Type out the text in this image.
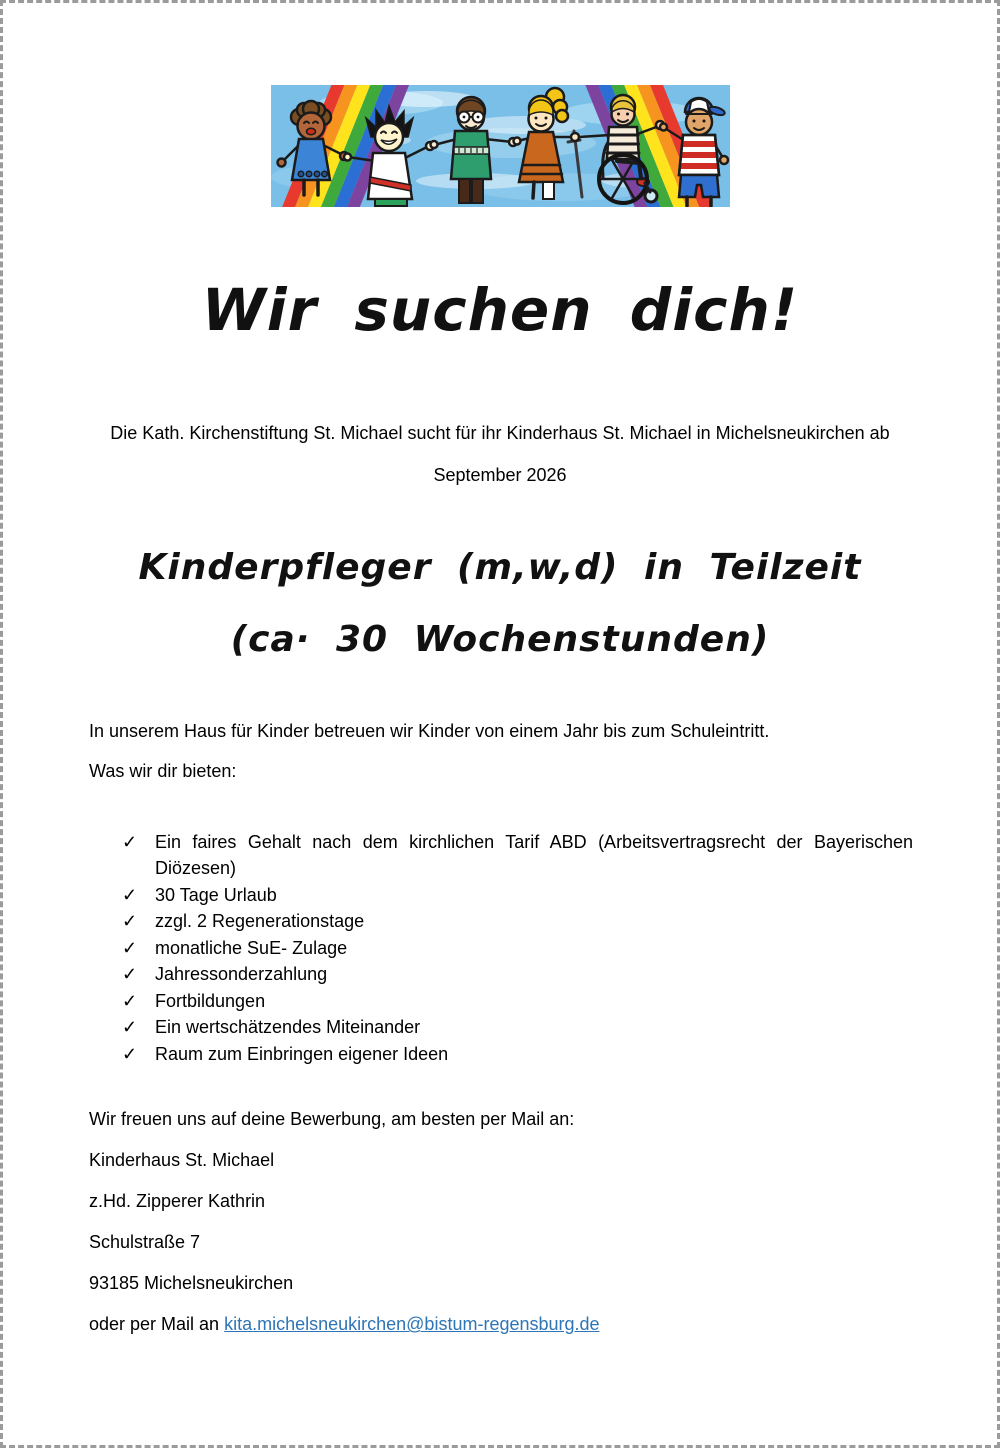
Wir suchen dich!

Die Kath. Kirchenstiftung St. Michael sucht für ihr Kinderhaus St. Michael in Michelsneukirchen ab

September 2026

Kinderpfleger (m,w,d) in Teilzeit

(ca· 30 Wochenstunden)

In unserem Haus für Kinder betreuen wir Kinder von einem Jahr bis zum Schuleintritt.

Was wir dir bieten:

✓ Ein faires Gehalt nach dem kirchlichen Tarif ABD (Arbeitsvertragsrecht der Bayerischen Diözesen)
✓ 30 Tage Urlaub
✓ zzgl. 2 Regenerationstage
✓ monatliche SuE- Zulage
✓ Jahressonderzahlung
✓ Fortbildungen
✓ Ein wertschätzendes Miteinander
✓ Raum zum Einbringen eigener Ideen

Wir freuen uns auf deine Bewerbung, am besten per Mail an:

Kinderhaus St. Michael

z.Hd. Zipperer Kathrin

Schulstraße 7

93185 Michelsneukirchen

oder per Mail an kita.michelsneukirchen@bistum-regensburg.de
